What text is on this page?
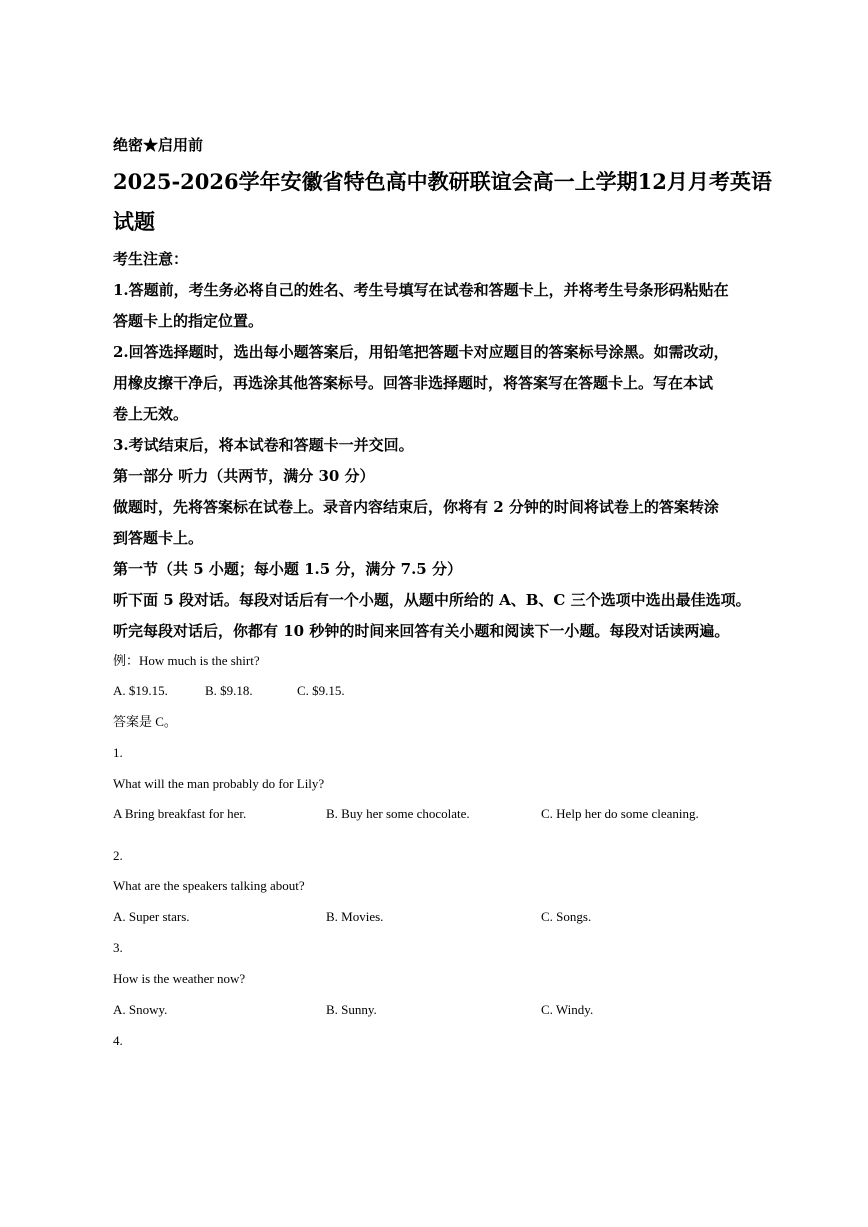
绝密★启用前
2025-2026学年安徽省特色高中教研联谊会高一上学期12月月考英语
试题
考生注意：
1.答题前，考生务必将自己的姓名、考生号填写在试卷和答题卡上，并将考生号条形码粘贴在
答题卡上的指定位置。
2.回答选择题时，选出每小题答案后，用铅笔把答题卡对应题目的答案标号涂黑。如需改动，
用橡皮擦干净后，再选涂其他答案标号。回答非选择题时，将答案写在答题卡上。写在本试
卷上无效。
3.考试结束后，将本试卷和答题卡一并交回。
第一部分 听力（共两节，满分 30 分）
做题时，先将答案标在试卷上。录音内容结束后，你将有 2 分钟的时间将试卷上的答案转涂
到答题卡上。
第一节（共 5 小题；每小题 1.5 分，满分 7.5 分）
听下面 5 段对话。每段对话后有一个小题，从题中所给的 A、B、C 三个选项中选出最佳选项。
听完每段对话后，你都有 10 秒钟的时间来回答有关小题和阅读下一小题。每段对话读两遍。
例：How much is the shirt?
A. $19.15.	B. $9.18.	C. $9.15.
答案是 C。
1.
What will the man probably do for Lily?
A Bring breakfast for her.	B. Buy her some chocolate.	C. Help her do some cleaning.
2.
What are the speakers talking about?
A. Super stars.	B. Movies.	C. Songs.
3.
How is the weather now?
A. Snowy.	B. Sunny.	C. Windy.
4.
